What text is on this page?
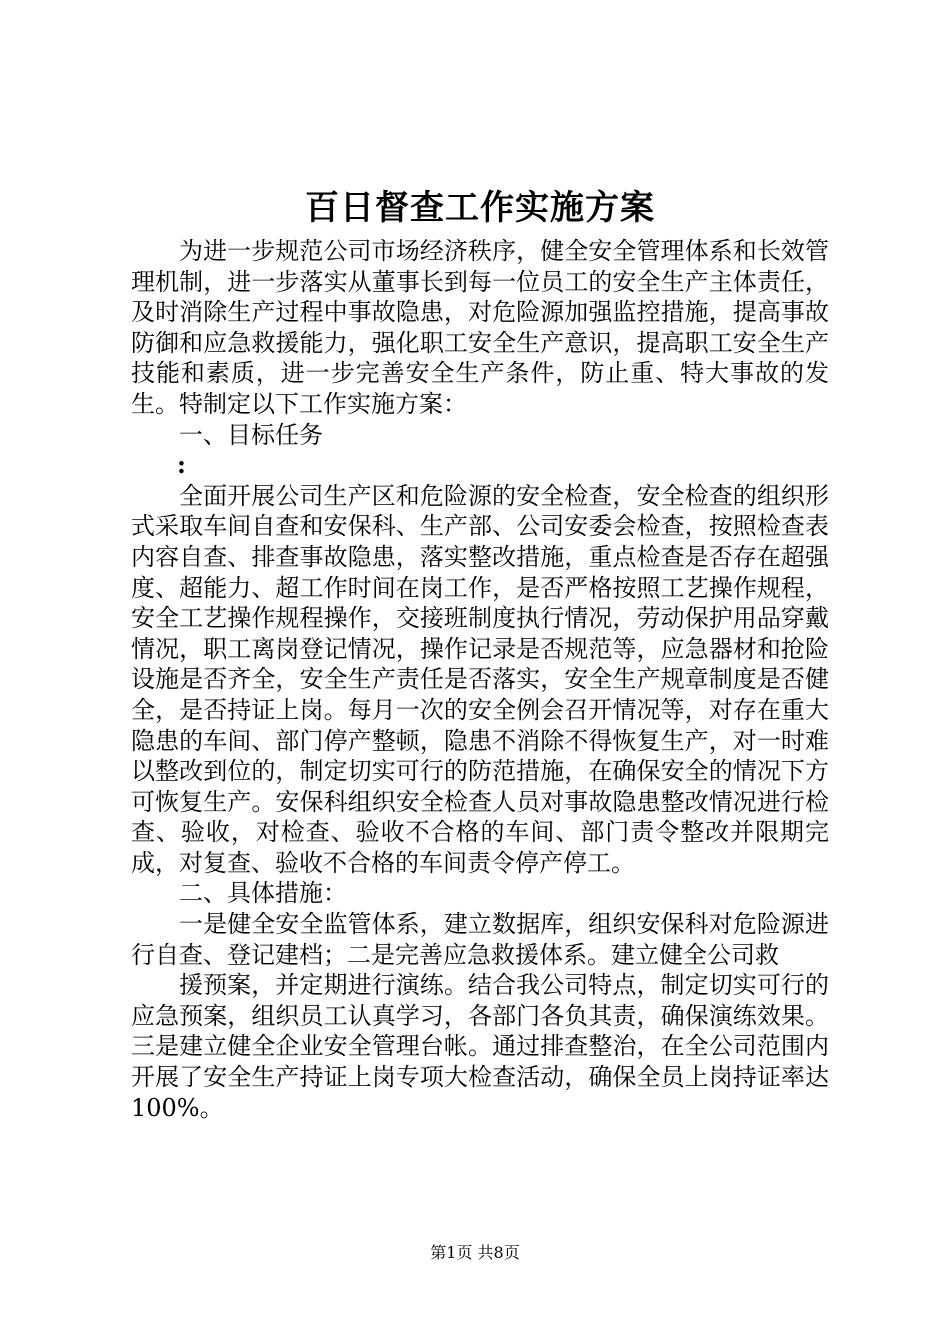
百日督查工作实施方案

为进一步规范公司市场经济秩序，健全安全管理体系和长效管理机制，进一步落实从董事长到每一位员工的安全生产主体责任，及时消除生产过程中事故隐患，对危险源加强监控措施，提高事故防御和应急救援能力，强化职工安全生产意识，提高职工安全生产技能和素质，进一步完善安全生产条件，防止重、特大事故的发生。特制定以下工作实施方案：

一、目标任务

:

全面开展公司生产区和危险源的安全检查，安全检查的组织形式采取车间自查和安保科、生产部、公司安委会检查，按照检查表内容自查、排查事故隐患，落实整改措施，重点检查是否存在超强度、超能力、超工作时间在岗工作，是否严格按照工艺操作规程，安全工艺操作规程操作，交接班制度执行情况，劳动保护用品穿戴情况，职工离岗登记情况，操作记录是否规范等，应急器材和抢险设施是否齐全，安全生产责任是否落实，安全生产规章制度是否健全，是否持证上岗。每月一次的安全例会召开情况等，对存在重大隐患的车间、部门停产整顿，隐患不消除不得恢复生产，对一时难以整改到位的，制定切实可行的防范措施，在确保安全的情况下方可恢复生产。安保科组织安全检查人员对事故隐患整改情况进行检查、验收，对检查、验收不合格的车间、部门责令整改并限期完成，对复查、验收不合格的车间责令停产停工。

二、具体措施：

一是健全安全监管体系，建立数据库，组织安保科对危险源进行自查、登记建档；二是完善应急救援体系。建立健全公司救

援预案，并定期进行演练。结合我公司特点，制定切实可行的应急预案，组织员工认真学习，各部门各负其责，确保演练效果。三是建立健全企业安全管理台帐。通过排查整治，在全公司范围内开展了安全生产持证上岗专项大检查活动，确保全员上岗持证率达100%。

第1页 共8页
